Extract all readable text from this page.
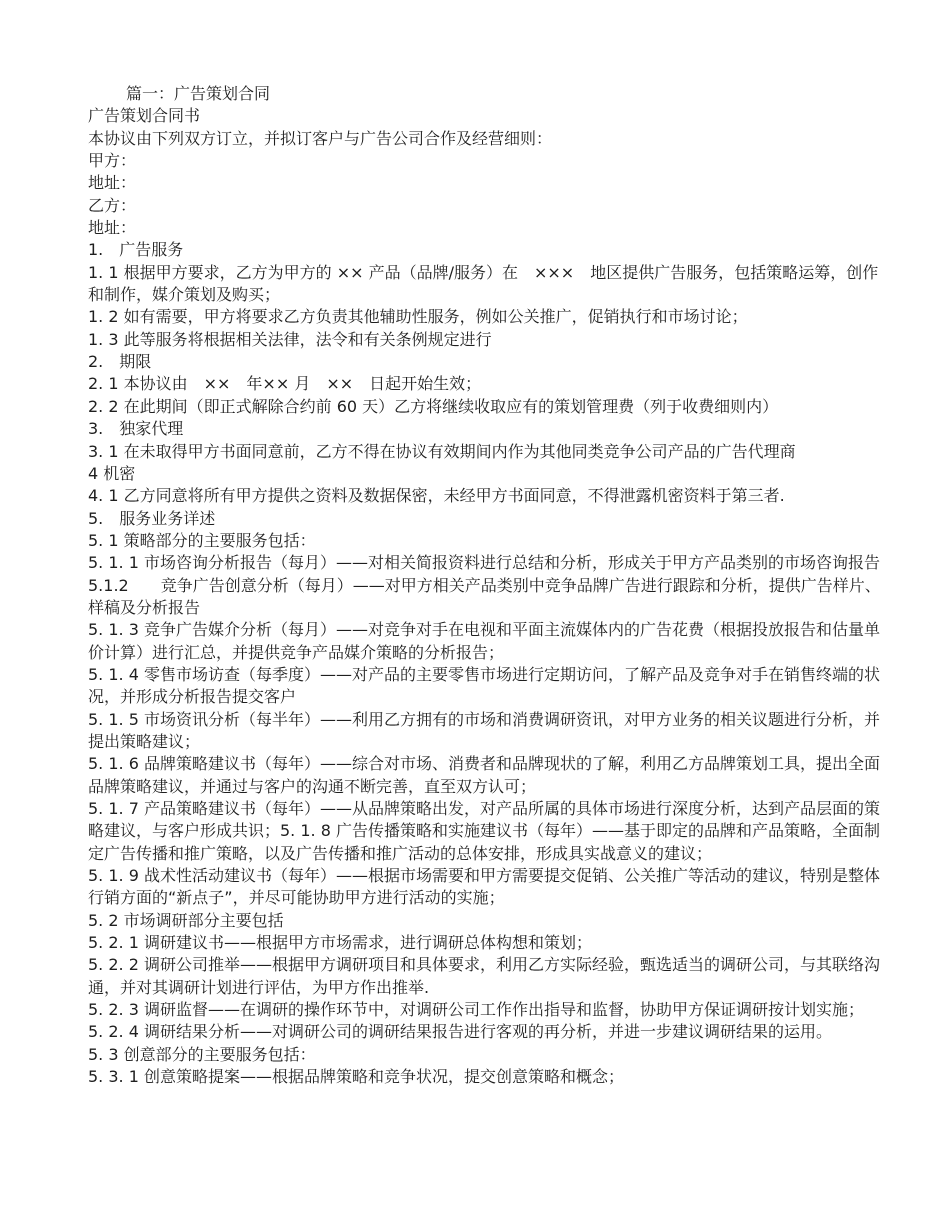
篇一：广告策划合同

广告策划合同书

本协议由下列双方订立，并拟订客户与广告公司合作及经营细则：

甲方：

地址：

乙方：

地址：

1.　广告服务

1. 1 根据甲方要求，乙方为甲方的 ×× 产品（品牌/服务）在　×××　地区提供广告服务，包括策略运筹，创作和制作，媒介策划及购买；

1. 2 如有需要，甲方将要求乙方负责其他辅助性服务，例如公关推广，促销执行和市场讨论；

1. 3 此等服务将根据相关法律，法令和有关条例规定进行

2.　期限

2. 1 本协议由　××　年×× 月　××　日起开始生效；

2. 2 在此期间（即正式解除合约前 60 天）乙方将继续收取应有的策划管理费（列于收费细则内）

3.　独家代理

3. 1 在未取得甲方书面同意前，乙方不得在协议有效期间内作为其他同类竞争公司产品的广告代理商

4 机密

4. 1 乙方同意将所有甲方提供之资料及数据保密，未经甲方书面同意，不得泄露机密资料于第三者.

5.　服务业务详述

5. 1 策略部分的主要服务包括：

5. 1. 1 市场咨询分析报告（每月）——对相关简报资料进行总结和分析，形成关于甲方产品类别的市场咨询报告

5.1.2　　竞争广告创意分析（每月）——对甲方相关产品类别中竞争品牌广告进行跟踪和分析，提供广告样片、样稿及分析报告

5. 1. 3 竞争广告媒介分析（每月）——对竞争对手在电视和平面主流媒体内的广告花费（根据投放报告和估量单价计算）进行汇总，并提供竞争产品媒介策略的分析报告；

5. 1. 4 零售市场访查（每季度）——对产品的主要零售市场进行定期访问，了解产品及竞争对手在销售终端的状况，并形成分析报告提交客户

5. 1. 5 市场资讯分析（每半年）——利用乙方拥有的市场和消费调研资讯，对甲方业务的相关议题进行分析，并提出策略建议；

5. 1. 6 品牌策略建议书（每年）——综合对市场、消费者和品牌现状的了解，利用乙方品牌策划工具，提出全面品牌策略建议，并通过与客户的沟通不断完善，直至双方认可；

5. 1. 7 产品策略建议书（每年）——从品牌策略出发，对产品所属的具体市场进行深度分析，达到产品层面的策略建议，与客户形成共识；5. 1. 8 广告传播策略和实施建议书（每年）——基于即定的品牌和产品策略，全面制定广告传播和推广策略，以及广告传播和推广活动的总体安排，形成具实战意义的建议；

5. 1. 9 战术性活动建议书（每年）——根据市场需要和甲方需要提交促销、公关推广等活动的建议，特别是整体行销方面的“新点子”，并尽可能协助甲方进行活动的实施；

5. 2 市场调研部分主要包括

5. 2. 1 调研建议书——根据甲方市场需求，进行调研总体构想和策划；

5. 2. 2 调研公司推举——根据甲方调研项目和具体要求，利用乙方实际经验，甄选适当的调研公司，与其联络沟通，并对其调研计划进行评估，为甲方作出推举.

5. 2. 3 调研监督——在调研的操作环节中，对调研公司工作作出指导和监督，协助甲方保证调研按计划实施；

5. 2. 4 调研结果分析——对调研公司的调研结果报告进行客观的再分析，并进一步建议调研结果的运用。

5. 3 创意部分的主要服务包括：

5. 3. 1 创意策略提案——根据品牌策略和竞争状况，提交创意策略和概念；
